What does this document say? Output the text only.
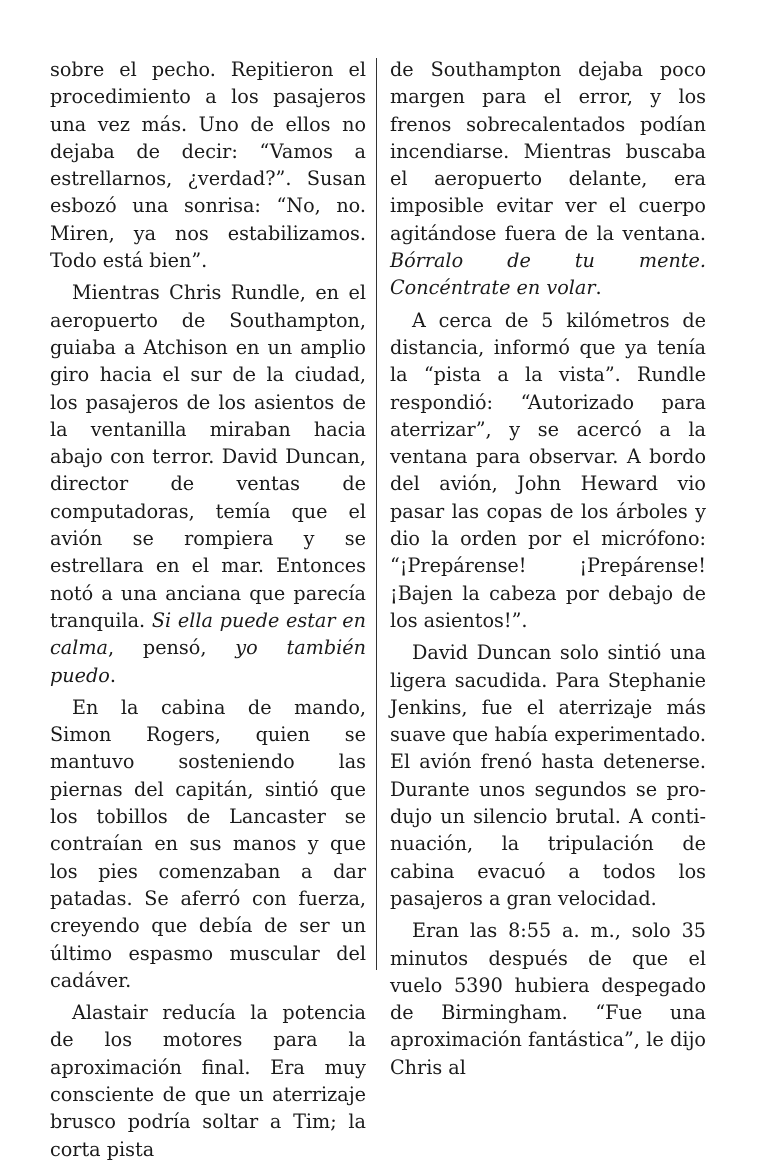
sobre el pecho. Repitieron el procedimiento a los pasajeros una vez más. Uno de ellos no dejaba de decir: “Vamos a estrellarnos, ¿verdad?”. Susan esbozó una sonrisa: “No, no. Miren, ya nos estabilizamos. Todo está bien”.

Mientras Chris Rundle, en el aeropuerto de Southampton, guiaba a Atchison en un amplio giro hacia el sur de la ciudad, los pasajeros de los asientos de la ventanilla miraban hacia abajo con terror. David Duncan, director de ventas de computadoras, temía que el avión se rompiera y se estrellara en el mar. Entonces notó a una anciana que parecía tranquila. Si ella puede estar en calma, pensó, yo también puedo.

En la cabina de mando, Simon Rogers, quien se mantuvo sosteniendo las piernas del capitán, sintió que los tobillos de Lancaster se contraían en sus manos y que los pies comenzaban a dar patadas. Se aferró con fuerza, creyendo que debía de ser un último espasmo muscular del cadáver.

Alastair reducía la potencia de los motores para la aproximación final. Era muy consciente de que un aterrizaje brusco podría soltar a Tim; la corta pista

de Southampton dejaba poco margen para el error, y los frenos sobrecalentados podían incendiarse. Mientras buscaba el aeropuerto delante, era imposible evitar ver el cuerpo agitándose fuera de la ventana. Bórralo de tu mente. Concéntrate en volar.

A cerca de 5 kilómetros de distancia, informó que ya tenía la “pista a la vista”. Rundle respondió: “Autorizado para aterrizar”, y se acercó a la ventana para observar. A bordo del avión, John Heward vio pasar las copas de los árboles y dio la orden por el micrófono: “¡Prepárense! ¡Prepárense! ¡Bajen la cabeza por debajo de los asientos!”.

David Duncan solo sintió una ligera sacudida. Para Stephanie Jenkins, fue el aterrizaje más suave que había experimentado. El avión frenó hasta detenerse. Durante unos segundos se produjo un silencio brutal. A continuación, la tripulación de cabina evacuó a todos los pasajeros a gran velocidad.

Eran las 8:55 a. m., solo 35 minutos después de que el vuelo 5390 hubiera despegado de Birmingham. “Fue una aproximación fantástica”, le dijo Chris al
